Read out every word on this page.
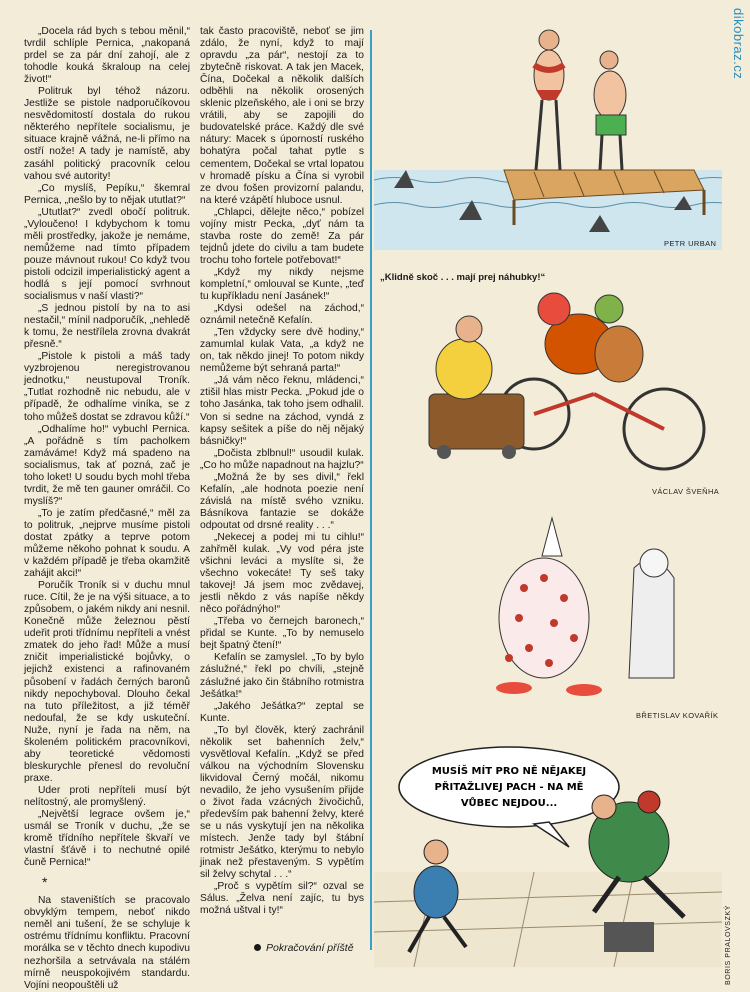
dikobraz.cz

„Docela rád bych s tebou měnil,“ tvrdil schlíple Pernica, „nakopaná prdel se za pár dní zahojí, ale z tohodle kouká škraloup na celej život!“

Politruk byl téhož názoru. Jestliže se pistole nadporučíkovou nesvědomitostí dostala do rukou některého nepřítele socialismu, je situace krajně vážná, ne-li přímo na ostří nože! A tady je namístě, aby zasáhl politický pracovník celou vahou své autority!

„Co myslíš, Pepíku,“ škemral Pernica, „nešlo by to nějak ututlat?“

„Ututlat?“ zvedl obočí politruk. „Vyloučeno! I kdybychom k tomu měli prostředky, jakože je nemáme, nemůžeme nad tímto případem pouze mávnout rukou! Co když tvou pistoli odcizil imperialistický agent a hodlá s její pomocí svrhnout socialismus v naší vlasti?“

„S jednou pistolí by na to asi nestačil,“ mínil nadporučík, „nehledě k tomu, že nestřílela zrovna dvakrát přesně.“

„Pistole k pistoli a máš tady vyzbrojenou neregistrovanou jednotku,“ neustupoval Troník. „Tutlat rozhodně nic nebudu, ale v případě, že odhalíme viníka, se z toho můžeš dostat se zdravou kůží.“

„Odhalíme ho!“ vybuchl Pernica. „A pořádně s tím pacholkem zamáváme! Když má spadeno na socialismus, tak ať pozná, zač je toho loket! U soudu bych mohl třeba tvrdit, že mě ten gauner omráčil. Co myslíš?“

„To je zatím předčasné,“ měl za to politruk, „nejprve musíme pistoli dostat zpátky a teprve potom můžeme někoho pohnat k soudu. A v každém případě je třeba okamžitě zahájit akci!“

Poručík Troník si v duchu mnul ruce. Cítil, že je na výši situace, a to způsobem, o jakém nikdy ani nesnil. Konečně může železnou pěstí udeřit proti třídnímu nepříteli a vnést zmatek do jeho řad! Může a musí zničit imperialistické bojůvky, o jejichž existenci a rafinovaném působení v řadách černých baronů nikdy nepochyboval. Dlouho čekal na tuto příležitost, a již téměř nedoufal, že se kdy uskuteční. Nuže, nyní je řada na něm, na školeném politickém pracovníkovi, aby teoretické vědomosti bleskurychle přenesl do revoluční praxe.

Uder proti nepříteli musí být nelítostný, ale promyšlený.

„Největší legrace ovšem je,“ usmál se Troník v duchu, „že se kromě třídního nepřítele škvaří ve vlastní šťávě i to nechutné opilé čuně Pernica!“

*

Na staveništích se pracovalo obvyklým tempem, neboť nikdo neměl ani tušení, že se schyluje k ostrému třídnímu konfliktu. Pracovní morálka se v těchto dnech kupodivu nezhoršila a setrvávala na stálém mírně neuspokojivém standardu. Vojíni neopouštěli už

tak často pracoviště, neboť se jim zdálo, že nyní, když to mají opravdu „za pár“, nestojí za to zbytečně riskovat. A tak jen Macek, Čína, Dočekal a několik dalších odběhli na několik orosených sklenic plzeňského, ale i oni se brzy vrátili, aby se zapojili do budovatelské práce. Každý dle své nátury: Macek s úporností ruského bohatýra počal tahat pytle s cementem, Dočekal se vrtal lopatou v hromadě písku a Čína si vyrobil ze dvou fošen provizorní palandu, na které vzápětí hluboce usnul.

„Chlapci, dělejte něco,“ pobízel vojíny mistr Pecka, „dyť nám ta stavba roste do země! Za pár tejdnů jdete do civilu a tam budete trochu toho fortele potřebovat!“

„Když my nikdy nejsme kompletní,“ omlouval se Kunte, „teď tu kupříkladu není Jasánek!“

„Kdysi odešel na záchod,“ oznámil netečně Kefalín.

„Ten vždycky sere dvě hodiny,“ zamumlal kulak Vata, „a když ne on, tak někdo jinej! To potom nikdy nemůžeme být sehraná parta!“

„Já vám něco řeknu, mládenci,“ ztišil hlas mistr Pecka. „Pokud jde o toho Jasánka, tak toho jsem odhalil. Von si sedne na záchod, vyndá z kapsy sešitek a píše do něj nějaký básničky!“

„Dočista zblbnul!“ usoudil kulak. „Co ho může napadnout na hajzlu?“

„Možná že by ses divil,“ řekl Kefalín, „ale hodnota poezie není závislá na místě svého vzniku. Básníkova fantazie se dokáže odpoutat od drsné reality . . .“

„Nekecej a podej mi tu cihlu!“ zahřměl kulak. „Vy vod péra jste všichni leváci a myslíte si, že všechno vokecáte! Ty seš taky takovej! Já jsem moc zvědavej, jestli někdo z vás napíše někdy něco pořádnýho!“

„Třeba vo černejch baronech,“ přidal se Kunte. „To by nemuselo bejt špatný čtení!“

Kefalín se zamyslel. „To by bylo záslužné,“ řekl po chvíli, „stejně záslužné jako čin štábního rotmistra Ješátka!“

„Jakého Ješátka?“ zeptal se Kunte.

„To byl člověk, který zachránil několik set bahenních želv,“ vysvětloval Kefalín. „Když se před válkou na východním Slovensku likvidoval Černý močál, nikomu nevadilo, že jeho vysušením přijde o život řada vzácných živočichů, především pak bahenní želvy, které se u nás vyskytují jen na několika místech. Jenže tady byl štábní rotmistr Ješátko, kterýmu to nebylo jinak než přestaveným. S vypětím sil želvy schytal . . .“

„Proč s vypětím sil?“ ozval se Sálus. „Želva není zajíc, tu bys možná uštval i ty!“

Pokračování příště
PETR URBAN
„Klidně skoč . . . mají prej náhubky!“
VÁCLAV ŠVEŇHA
BŘETISLAV KOVAŘÍK
MUSÍŠ MÍT PRO NĚ NĚJAKEJ
PŘITAŽLIVEJ PACH - NA MĚ
VŮBEC NEJDOU...
BORIS PRALOVSZKÝ
